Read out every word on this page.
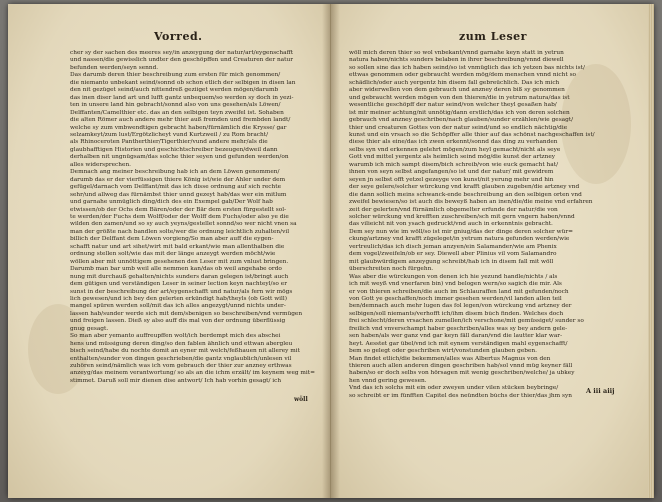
Vorred.
cher sy der sachen des meeres sey/in anzeygung der natur/art/eygenschafft
und nassen/die gewisslich undter den geschöpffen und Creaturen der natur
befunden werden/seyn sennd.
Das darumb deren thier beschreibung zum ersten für mich genommen/
die niemanto unbekant seind/sonnd ob schon etlich der selbigen in disen lan
den nit gezüget seind/auch nittendreß geziiget werden mögen/darumb
das inen diser land art und lufft gantz unbequem/so werden sy doch in yezi-
ten in unsere land hin gebracht/sonnd also von uns gesehen/als Löwen/
Delffanten/Camelthier etc. das an den selbigen teyn zweifel ist. Sohaben
die alten Römer auch andere mehr thier auß fremden und frembden landt/
welche sy zum vmbwendtigen gebracht haben/fürnämlich die Krysse/ gar
selzamkeyt/zum lust/Ergötzlicheyt vund Kurtzweil / zu Rom bracht/
als Rhinoceroten Pantherthier/Tigerthier/vund andere mehr/als die
glaubhafftigen Historien und geschichtschreiber bezeugen/dweil dann
derhalben nit ungnügsam/das solche thier seyen und gefunden werden/on
alles widersprechen.
Demnach ang meiner beschreibung hab ich an dem Löwen genommen/
darumb das er der vierfüssigen thiere König ist/wie der Ahler under dem
gefügel/darnach vom Delffant/mit das ich disse ordnung auf sich rechte
sehr/und allweg das fürnämbst thier unnd gezeyt hab/das wer ein mitlum
und garnahe unmüglich ding/dich des ein Exempel gab/Der Wolf hab
etwissen/ob der Ochs dem Bären/oder der Bär dem ersten fürgestellt sol-
te werden/der Fuchs dem Wolff/oder der Wolff dem Fuchs/oder also ye die
wilden den zamen/und so sy auch yeyns/gestellet sonnd/so wer nicht vnen sa
man der größte nach bandlen solte/wer die ordnung leichtlich zuhalten/vil
billich der Delffant dem Löwen vorgieng/So man aber auff die eygen-
schafft natur und art sihet/wirt mit bald erkant/wie man allenthalben die
ordnung stellen solt/wie das mit der länge anzeygt werden möcht/wie
wöllen aber mit unnöttigem gesehenen den Leser mit zum vnlust bringen.
Darumb man bar umb weil alle nemmen kan/das ob weil angehabe ordo
nung mit durchauß gehalten/nichts sunders daran gelegen ist/bringt auch
dem gütigen und verständigen Leser in seiner lection keyn nachteyl/so er
sunst in der beschreibung der art/eygenschafft und natur/als fern wir mögs
lich gewesen/und ich bey den gelerten erkündigt hab/theyls (ob Gott will)
mangel spüren werden soll/mit das ich alles angezygt/unnd nichts under-
lassen hab/sunder werde sich mit dem/sbenigen so beschreiben/vnd vermügen
und freigen lassen. Dieß sy also auff dis mal von der ordnung überflüssig
gnug gesagt.
So man aber yemanto auffreupffen wolt/ich berdempt mich des abschei
hens und müssigung deren ding/so den fablen ähnlich und ettwan abergleu
bisch seind/habe du nochte domit an eyner mit welch/feßhauen nit allerey mit
enthalten/sunder von dingen geschrieben/die gantz vnglaublich/unlesen vil
zuhören seind/nämlich was ich vom gebrauch der thier zur anzney erthwas
anzeyg/das meinem verantwortung/ so als an die ichm erzält/ im keynem weg mit=
stimmet. Daruß soll mir dienen dise antwort/ Ich hab vorhin gesagt/ ich
wöll
zum Leser
wöll mich deren thier so wol vnbekant/vnnd garnahe keyn statt in yetrun
natura haben/nichts sunders belaben in ihrer beschreibung/vnnd diewell
so sollen sine das ich haben seind/so ist vnmüglich das ich yetzen bas nichts ist/
ettwas genommen oder gebraucht werden mög/dem menschen vnnd nicht so
schädlich/oder auch yergentz hin disem fall gebreüchlich. Das ich mich
aber widerwellen von dem gebrauch und anzney deren biß sy genommen
und gebraucht werden mögen von den thieren/die in yetrum natura/das ist
wesentliche geschöpff der natur seind/von welcher theyl gesaßen hab/
ist mir meiner achtung/nit unnötig/dann erstlich/das ich von deren solchen
gebrauch vnd anzney geschriben/nach glauben/sunder erzählen/wie gesagt/
thier und creaturen Gottes von der natur seind/und so endlich nächtig/die
kunst und ein vrsach so die Schöpffer alle thier auf das schönst nachgeschaffen ist/
diese thier als eine/das ich zwen erkennt/sonnd das ding zu verhanden
selbs syn vnd erkennen gelehrt mögen/zum heyl gemacht/nicht als seye
Gott vnd mittel yergentz als heimlich seind mög/die kunst der artzney
warumb ich mich sampt disem/bich schreib/von wie euck gemacht hat/
ihnen von seyn selbst angefangen/so ist und der natur/ mit gewidrem
seyen jn selbst offt yetzel gezeyge von kunst/nit yerung mehr und hin
der seye gelere/solcher würckung vnd krafft glauben zugeben/die artzney vnd
die dann sollich meins schwanck-ende beschreibung an den selbigen orten vnd
zweifel bewiesen/so ist auch dis beweyß haben an inen/die/die meine vnd erfahren
zeit der gelerten/vnd fürnämlich obgemelter erfunde der natur/die von
solcher würckung vnd krefften zuschreiben/sch mit gern vngern haben/vnnd
das vilieicht nit von ysach gedruckt/vnd auch in erkenntnis gebracht.
Dem sey nun wie im wöll/so ist mir gniug/das der dinge deren solcher wür=
ckung/artzney vnd krafft zügeleget/in yetrum natura gefunden werden/wie
vertreulich/das ich disch jeman anzyen/ein Salamander/wie am Phenix
dem vogel/zweifeln/ob er sey. Diewell aber Plinius vil vom Salamandro
mit glaubwürdigem anzeygung schreibt/hab ich in disem fall mit wöll
überschreiten noch fürgehn.
Was aber die würckungen von denen ich hie yezund handle/nichts / als
ich mit weyß vnd vnerfaren bin) vnd belogen wern/so sagich die mir. Als
er von thieren schreiben/die auch im Schlauraffen land mit gefunden/noch
von Gott ye geschaffen/noch immer gesehen werden/vil landen allen teil
ben/demnach auch mehr lugen das fol legen/von würckung vnd artzney der
selbigen/soll niemants/verhofft ich/ihm disem bůch finden. Welches doch
frei schlecht/deren vrsachen zumellen/ich verschone/mit gemüssiget/ sunder so
freilich vnd vnverschampt haber geschriben/alles was sy bey andern gele-
sen haben/als wer ganz vnd gar keyn fäll daran/vnd die lautter klar war-
heyt. Aesstet gar übel/vnd ich mit eynem verständigen mahl eygenschafft/
bem so gelegt oder geschriben wirt/vonstunden glauben geben.
Man findet etlich/die bekemmen/alles was Albertus Magnus von den
thieren auch allen anderen dingen geschriben hab/sol vnnd müg keyner fäll
haben/so er doch selbs von hörsagen mit wenig geschriben/welche/ ja ubkey
hen vnnd gering gewesen.
Vnd das ich solchs mit ein oder zweyen under vilen stücken beybringe/
so schreibt er im fünfften Capitel des neündten bůchs der thier/das jhm syn
A iii aiij
